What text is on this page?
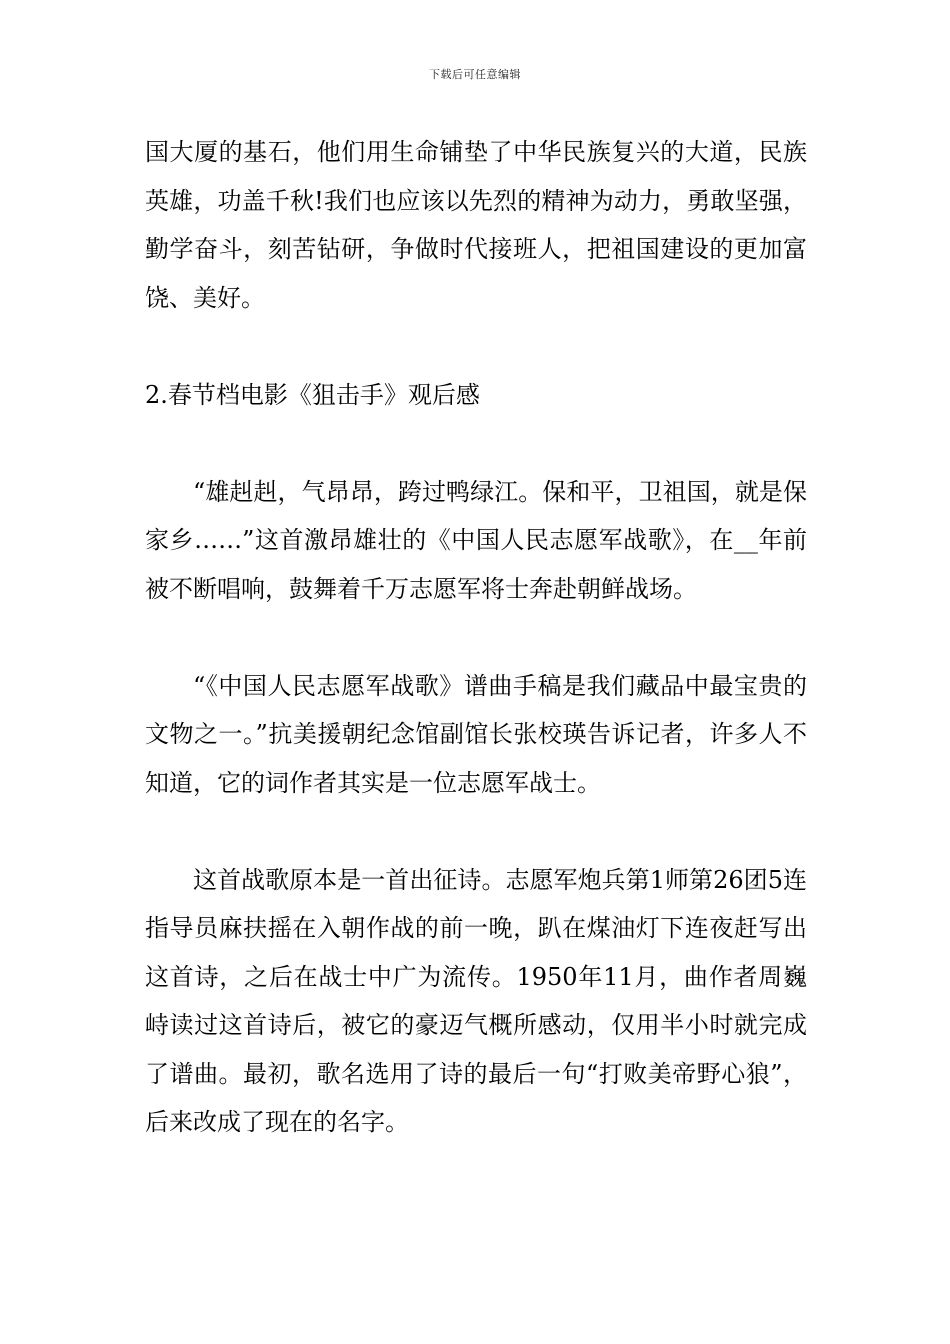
下载后可任意编辑

国大厦的基石，他们用生命铺垫了中华民族复兴的大道，民族英雄，功盖千秋!我们也应该以先烈的精神为动力，勇敢坚强，勤学奋斗，刻苦钻研，争做时代接班人，把祖国建设的更加富饶、美好。

2.春节档电影《狙击手》观后感

“雄赳赳，气昂昂，跨过鸭绿江。保和平，卫祖国，就是保家乡……”这首激昂雄壮的《中国人民志愿军战歌》，在__年前被不断唱响，鼓舞着千万志愿军将士奔赴朝鲜战场。

“《中国人民志愿军战歌》谱曲手稿是我们藏品中最宝贵的文物之一。”抗美援朝纪念馆副馆长张校瑛告诉记者，许多人不知道，它的词作者其实是一位志愿军战士。

这首战歌原本是一首出征诗。志愿军炮兵第1师第26团5连指导员麻扶摇在入朝作战的前一晚，趴在煤油灯下连夜赶写出这首诗，之后在战士中广为流传。1950年11月，曲作者周巍峙读过这首诗后，被它的豪迈气概所感动，仅用半小时就完成了谱曲。最初，歌名选用了诗的最后一句“打败美帝野心狼”，后来改成了现在的名字。
